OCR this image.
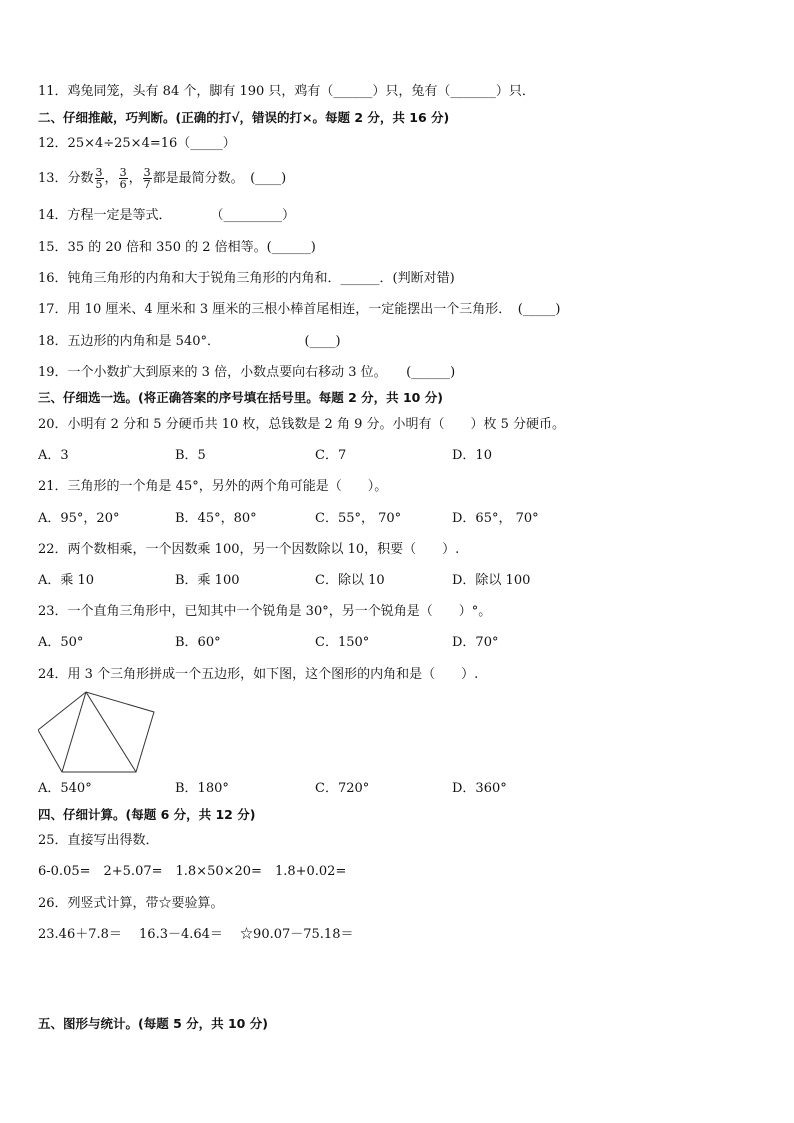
11．鸡兔同笼，头有 84 个，脚有 190 只，鸡有（______）只，兔有（_______）只．
二、仔细推敲，巧判断。(正确的打√，错误的打×。每题 2 分，共 16 分)
12．25×4÷25×4=16（_____）
13．分数 $\frac{3}{5}$ ， $\frac{3}{6}$ ， $\frac{3}{7}$ 都是最简分数。　(____)
14．方程一定是等式．　　　　（_________）
15．35 的 20 倍和 350 的 2 倍相等。(______)
16．钝角三角形的内角和大于锐角三角形的内角和．______．(判断对错)
17．用 10 厘米、4 厘米和 3 厘米的三根小棒首尾相连，一定能摆出一个三角形．　(_____)
18．五边形的内角和是 540°．　　　　　　　(____)
19．一个小数扩大到原来的 3 倍，小数点要向右移动 3 位。　　(______)
三、仔细选一选。(将正确答案的序号填在括号里。每题 2 分，共 10 分)
20．小明有 2 分和 5 分硬币共 10 枚，总钱数是 2 角 9 分。小明有（　　）枚 5 分硬币。
A．3	B．5	C．7	D．10
21．三角形的一个角是 45°，另外的两个角可能是（　　）。
A．95°，20°	B．45°，80°	C．55°， 70°	D．65°， 70°
22．两个数相乘，一个因数乘 100，另一个因数除以 10，积要（　　）.
A．乘 10	B．乘 100	C．除以 10	D．除以 100
23．一个直角三角形中，已知其中一个锐角是 30°，另一个锐角是（　　）°。
A．50°	B．60°	C．150°	D．70°
24．用 3 个三角形拼成一个五边形，如下图，这个图形的内角和是（　　）.
A．540°	B．180°	C．720°	D．360°
四、仔细计算。(每题 6 分，共 12 分)
25．直接写出得数．
6-0.05=　2+5.07=　1.8×50×20=　1.8+0.02=
26．列竖式计算，带☆要验算。
23.46＋7.8＝　 16.3－4.64＝　 ☆90.07－75.18＝
五、图形与统计。(每题 5 分，共 10 分)
